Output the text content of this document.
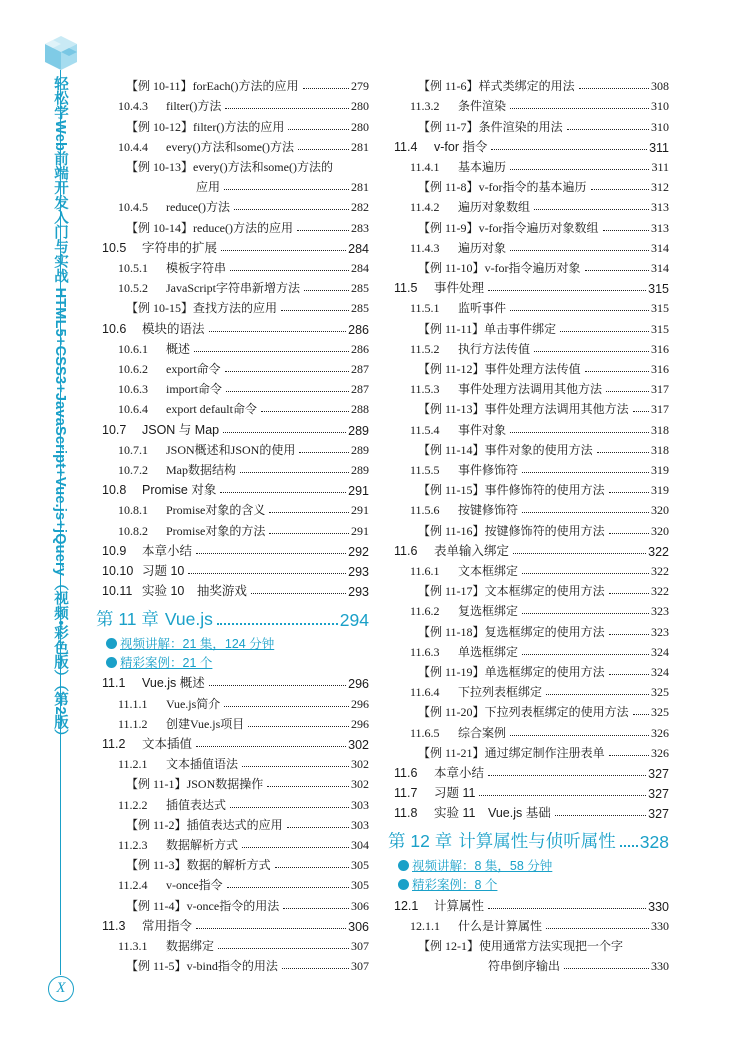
轻松学Web前端开发入门与实战 HTML5+CSS3+JavaScript+Vue.js+jQuery（视频•彩色版）（第2版）
X
【例 10-11】forEach()方法的应用	279
10.4.3 filter()方法	280
【例 10-12】filter()方法的应用	280
10.4.4 every()方法和some()方法	281
【例 10-13】every()方法和some()方法的
应用	281
10.4.5 reduce()方法	282
【例 10-14】reduce()方法的应用	283
10.5 字符串的扩展	284
10.5.1 模板字符串	284
10.5.2 JavaScript字符串新增方法	285
【例 10-15】查找方法的应用	285
10.6 模块的语法	286
10.6.1 概述	286
10.6.2 export命令	287
10.6.3 import命令	287
10.6.4 export default命令	288
10.7 JSON 与 Map	289
10.7.1 JSON概述和JSON的使用	289
10.7.2 Map数据结构	289
10.8 Promise 对象	291
10.8.1 Promise对象的含义	291
10.8.2 Promise对象的方法	291
10.9 本章小结	292
10.10 习题 10	293
10.11 实验 10　抽奖游戏	293
第 11 章 Vue.js	294
视频讲解：21 集，124 分钟
精彩案例：21 个
11.1 Vue.js 概述	296
11.1.1 Vue.js简介	296
11.1.2 创建Vue.js项目	296
11.2 文本插值	302
11.2.1 文本插值语法	302
【例 11-1】JSON数据操作	302
11.2.2 插值表达式	303
【例 11-2】插值表达式的应用	303
11.2.3 数据解析方式	304
【例 11-3】数据的解析方式	305
11.2.4 v-once指令	305
【例 11-4】v-once指令的用法	306
11.3 常用指令	306
11.3.1 数据绑定	307
【例 11-5】v-bind指令的用法	307
【例 11-6】样式类绑定的用法	308
11.3.2 条件渲染	310
【例 11-7】条件渲染的用法	310
11.4 v-for 指令	311
11.4.1 基本遍历	311
【例 11-8】v-for指令的基本遍历	312
11.4.2 遍历对象数组	313
【例 11-9】v-for指令遍历对象数组	313
11.4.3 遍历对象	314
【例 11-10】v-for指令遍历对象	314
11.5 事件处理	315
11.5.1 监听事件	315
【例 11-11】单击事件绑定	315
11.5.2 执行方法传值	316
【例 11-12】事件处理方法传值	316
11.5.3 事件处理方法调用其他方法	317
【例 11-13】事件处理方法调用其他方法 317
11.5.4 事件对象	318
【例 11-14】事件对象的使用方法	318
11.5.5 事件修饰符	319
【例 11-15】事件修饰符的使用方法	319
11.5.6 按键修饰符	320
【例 11-16】按键修饰符的使用方法	320
11.6 表单输入绑定	322
11.6.1 文本框绑定	322
【例 11-17】文本框绑定的使用方法	322
11.6.2 复选框绑定	323
【例 11-18】复选框绑定的使用方法	323
11.6.3 单选框绑定	324
【例 11-19】单选框绑定的使用方法	324
11.6.4 下拉列表框绑定	325
【例 11-20】下拉列表框绑定的使用方法 325
11.6.5 综合案例	326
【例 11-21】通过绑定制作注册表单	326
11.6 本章小结	327
11.7 习题 11	327
11.8 实验 11　Vue.js 基础	327
第 12 章 计算属性与侦听属性 328
视频讲解：8 集，58 分钟
精彩案例：8 个
12.1 计算属性	330
12.1.1 什么是计算属性	330
【例 12-1】使用通常方法实现把一个字
符串倒序输出	330
